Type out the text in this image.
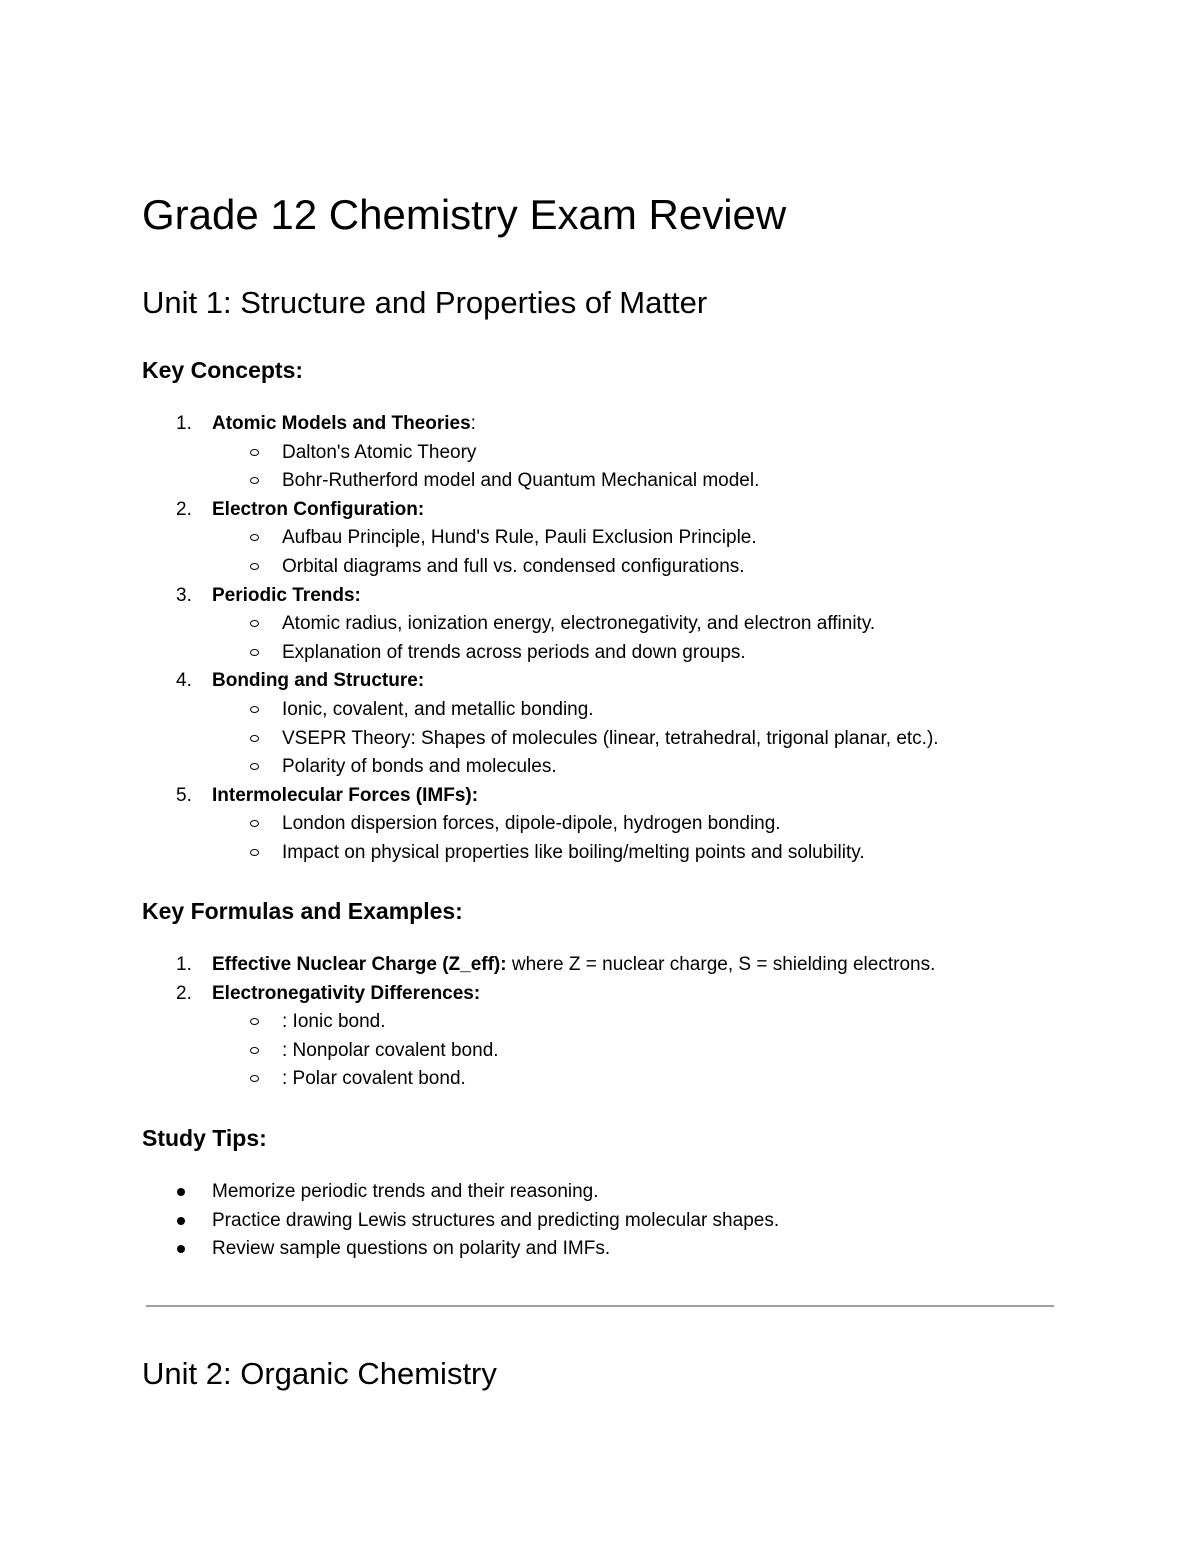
Grade 12 Chemistry Exam Review
Unit 1: Structure and Properties of Matter
Key Concepts:
1.	Atomic Models and Theories:
Dalton's Atomic Theory
Bohr-Rutherford model and Quantum Mechanical model.
2.	Electron Configuration:
Aufbau Principle, Hund's Rule, Pauli Exclusion Principle.
Orbital diagrams and full vs. condensed configurations.
3.	Periodic Trends:
Atomic radius, ionization energy, electronegativity, and electron affinity.
Explanation of trends across periods and down groups.
4.	Bonding and Structure:
Ionic, covalent, and metallic bonding.
VSEPR Theory: Shapes of molecules (linear, tetrahedral, trigonal planar, etc.).
Polarity of bonds and molecules.
5.	Intermolecular Forces (IMFs):
London dispersion forces, dipole-dipole, hydrogen bonding.
Impact on physical properties like boiling/melting points and solubility.
Key Formulas and Examples:
1.	Effective Nuclear Charge (Z_eff): where Z = nuclear charge, S = shielding electrons.
2.	Electronegativity Differences:
: Ionic bond.
: Nonpolar covalent bond.
: Polar covalent bond.
Study Tips:
Memorize periodic trends and their reasoning.
Practice drawing Lewis structures and predicting molecular shapes.
Review sample questions on polarity and IMFs.
Unit 2: Organic Chemistry
